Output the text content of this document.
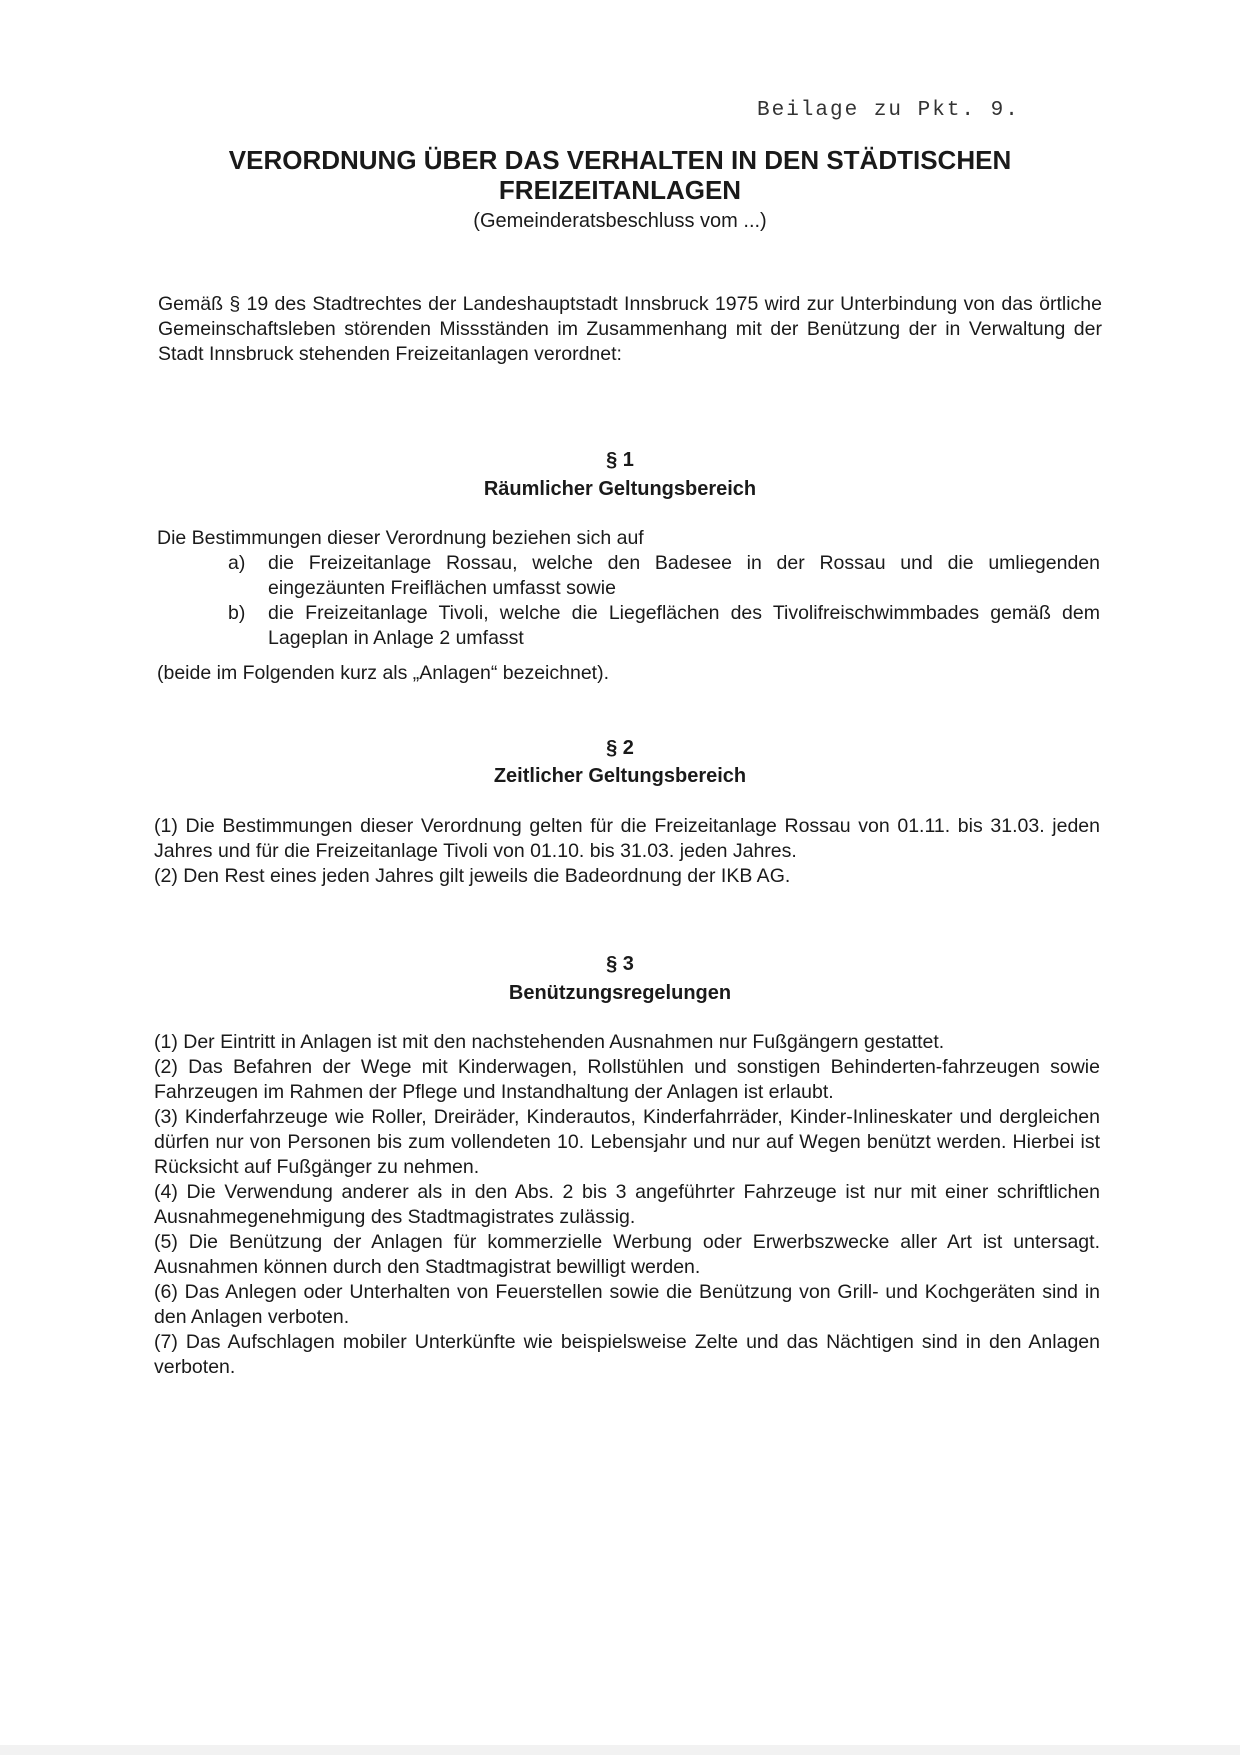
Beilage zu Pkt. 9.
VERORDNUNG ÜBER DAS VERHALTEN IN DEN STÄDTISCHEN
FREIZEITANLAGEN
(Gemeinderatsbeschluss vom ...)
Gemäß § 19 des Stadtrechtes der Landeshauptstadt Innsbruck 1975 wird zur Unterbindung von das örtliche Gemeinschaftsleben störenden Missständen im Zusammenhang mit der Benützung der in Verwaltung der Stadt Innsbruck stehenden Freizeitanlagen verordnet:
§ 1
Räumlicher Geltungsbereich
Die Bestimmungen dieser Verordnung beziehen sich auf
a)	die Freizeitanlage Rossau, welche den Badesee in der Rossau und die umliegenden eingezäunten Freiflächen umfasst sowie
b)	die Freizeitanlage Tivoli, welche die Liegeflächen des Tivolifreischwimmbades gemäß dem Lageplan in Anlage 2 umfasst
(beide im Folgenden kurz als „Anlagen“ bezeichnet).
§ 2
Zeitlicher Geltungsbereich

(1) Die Bestimmungen dieser Verordnung gelten für die Freizeitanlage Rossau von 01.11. bis 31.03. jeden Jahres und für die Freizeitanlage Tivoli von 01.10. bis 31.03. jeden Jahres.

(2) Den Rest eines jeden Jahres gilt jeweils die Badeordnung der IKB AG.

§ 3
Benützungsregelungen

(1) Der Eintritt in Anlagen ist mit den nachstehenden Ausnahmen nur Fußgängern gestattet.

(2) Das Befahren der Wege mit Kinderwagen, Rollstühlen und sonstigen Behinderten-fahrzeugen sowie Fahrzeugen im Rahmen der Pflege und Instandhaltung der Anlagen ist erlaubt.

(3) Kinderfahrzeuge wie Roller, Dreiräder, Kinderautos, Kinderfahrräder, Kinder-Inlineskater und dergleichen dürfen nur von Personen bis zum vollendeten 10. Lebensjahr und nur auf Wegen benützt werden. Hierbei ist Rücksicht auf Fußgänger zu nehmen.

(4) Die Verwendung anderer als in den Abs. 2 bis 3 angeführter Fahrzeuge ist nur mit einer schriftlichen Ausnahmegenehmigung des Stadtmagistrates zulässig.

(5) Die Benützung der Anlagen für kommerzielle Werbung oder Erwerbszwecke aller Art ist untersagt. Ausnahmen können durch den Stadtmagistrat bewilligt werden.

(6) Das Anlegen oder Unterhalten von Feuerstellen sowie die Benützung von Grill- und Kochgeräten sind in den Anlagen verboten.

(7) Das Aufschlagen mobiler Unterkünfte wie beispielsweise Zelte und das Nächtigen sind in den Anlagen verboten.
